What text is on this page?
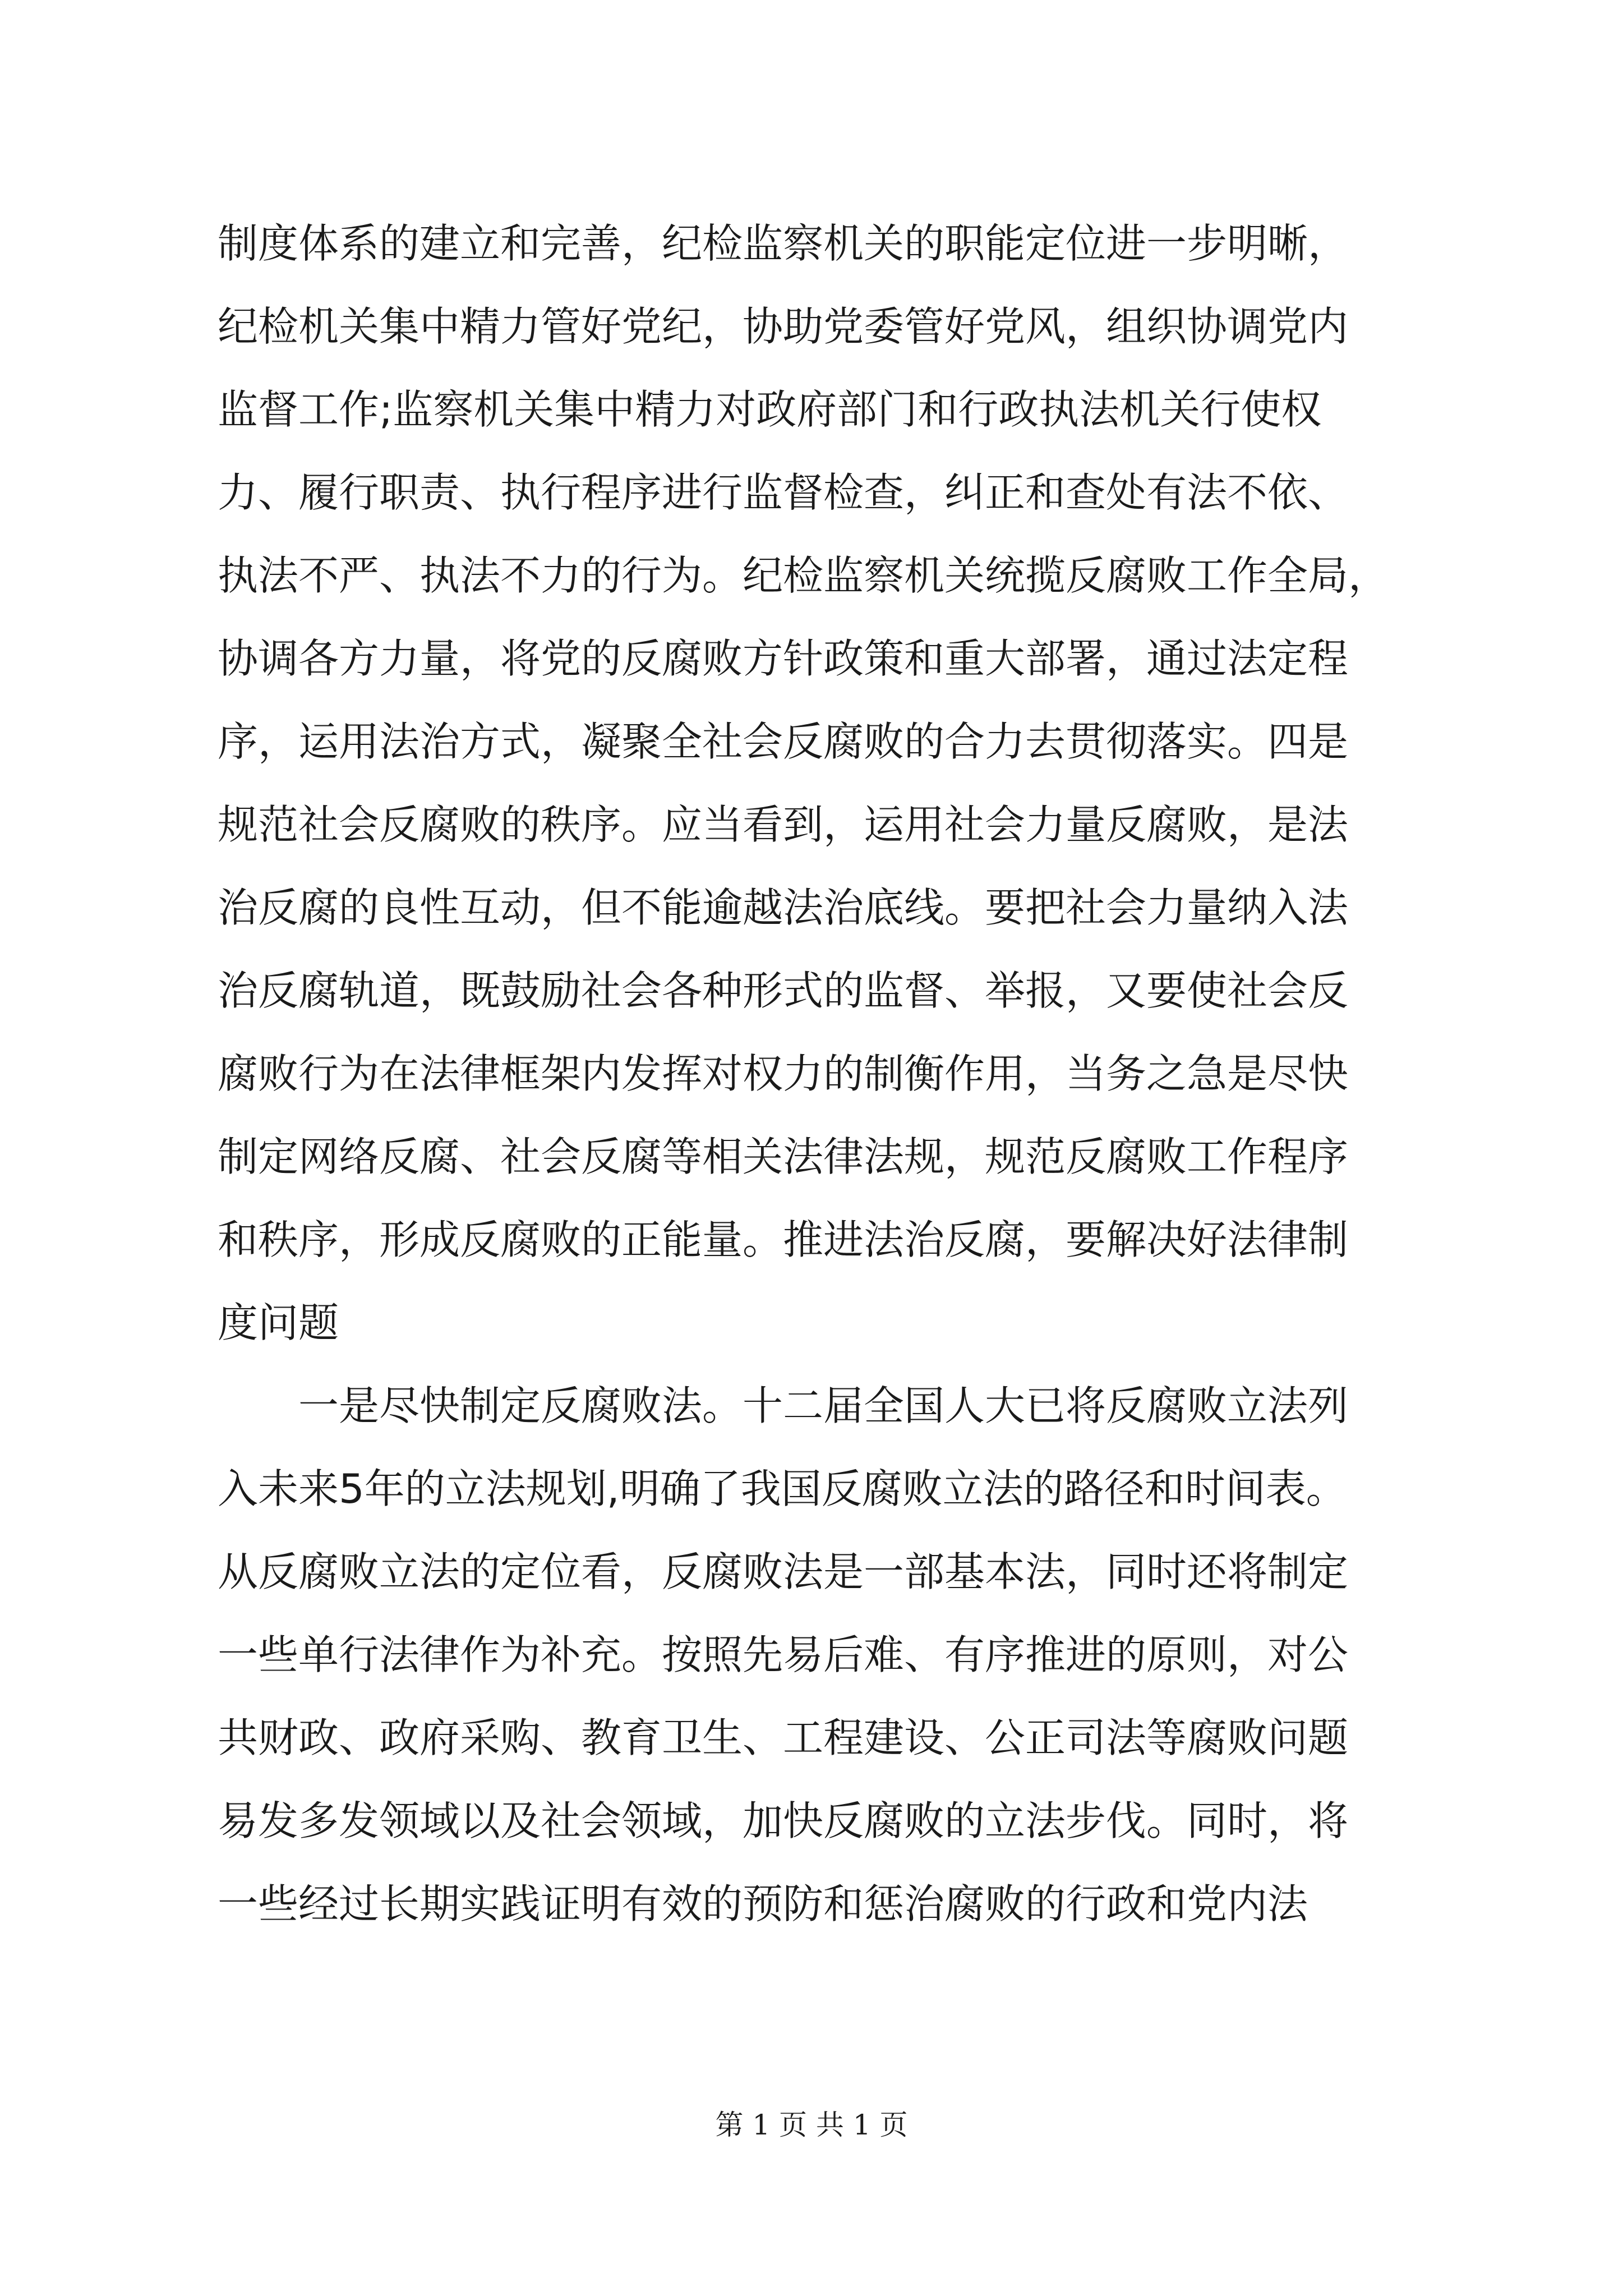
制度体系的建立和完善，纪检监察机关的职能定位进一步明晰，
纪检机关集中精力管好党纪，协助党委管好党风，组织协调党内
监督工作;监察机关集中精力对政府部门和行政执法机关行使权
力、履行职责、执行程序进行监督检查，纠正和查处有法不依、
执法不严、执法不力的行为。纪检监察机关统揽反腐败工作全局，
协调各方力量，将党的反腐败方针政策和重大部署，通过法定程
序，运用法治方式，凝聚全社会反腐败的合力去贯彻落实。四是
规范社会反腐败的秩序。应当看到，运用社会力量反腐败，是法
治反腐的良性互动，但不能逾越法治底线。要把社会力量纳入法
治反腐轨道，既鼓励社会各种形式的监督、举报，又要使社会反
腐败行为在法律框架内发挥对权力的制衡作用，当务之急是尽快
制定网络反腐、社会反腐等相关法律法规，规范反腐败工作程序
和秩序，形成反腐败的正能量。推进法治反腐，要解决好法律制
度问题
一是尽快制定反腐败法。十二届全国人大已将反腐败立法列
入未来5年的立法规划,明确了我国反腐败立法的路径和时间表。
从反腐败立法的定位看，反腐败法是一部基本法，同时还将制定
一些单行法律作为补充。按照先易后难、有序推进的原则，对公
共财政、政府采购、教育卫生、工程建设、公正司法等腐败问题
易发多发领域以及社会领域，加快反腐败的立法步伐。同时，将
一些经过长期实践证明有效的预防和惩治腐败的行政和党内法
第 1 页 共 1 页
